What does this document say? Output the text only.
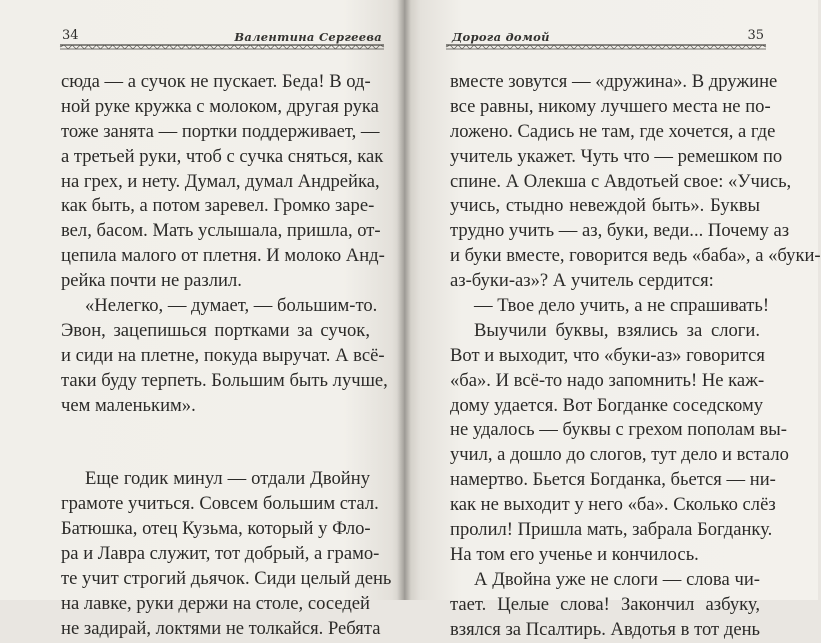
34	Валентина Сергеева
сюда — а сучок не пускает. Беда! В од-
ной руке кружка с молоком, другая рука
тоже занята — портки поддерживает, —
а третьей руки, чтоб с сучка сняться, как
на грех, и нету. Думал, думал Андрейка,
как быть, а потом заревел. Громко заре-
вел, басом. Мать услышала, пришла, от-
цепила малого от плетня. И молоко Анд-
рейка почти не разлил.
«Нелегко, — думает, — большим-то.
Эвон, зацепишься портками за сучок,
и сиди на плетне, покуда выручат. А всё-
таки буду терпеть. Большим быть лучше,
чем маленьким».
Еще годик минул — отдали Двойну
грамоте учиться. Совсем большим стал.
Батюшка, отец Кузьма, который у Фло-
ра и Лавра служит, тот добрый, а грамо-
те учит строгий дьячок. Сиди целый день
на лавке, руки держи на столе, соседей
не задирай, локтями не толкайся. Ребята
Дорога домой	35
вместе зовутся — «дружина». В дружине
все равны, никому лучшего места не по-
ложено. Садись не там, где хочется, а где
учитель укажет. Чуть что — ремешком по
спине. А Олекша с Авдотьей свое: «Учись,
учись, стыдно невеждой быть». Буквы
трудно учить — аз, буки, веди... Почему аз
и буки вместе, говорится ведь «баба», а «буки-
аз-буки-аз»? А учитель сердится:
— Твое дело учить, а не спрашивать!
Выучили буквы, взялись за слоги.
Вот и выходит, что «буки-аз» говорится
«ба». И всё-то надо запомнить! Не каж-
дому удается. Вот Богданке соседскому
не удалось — буквы с грехом пополам вы-
учил, а дошло до слогов, тут дело и встало
намертво. Бьется Богданка, бьется — ни-
как не выходит у него «ба». Сколько слёз
пролил! Пришла мать, забрала Богданку.
На том его ученье и кончилось.
А Двойна уже не слоги — слова чи-
тает. Целые слова! Закончил азбуку,
взялся за Псалтирь. Авдотья в тот день
